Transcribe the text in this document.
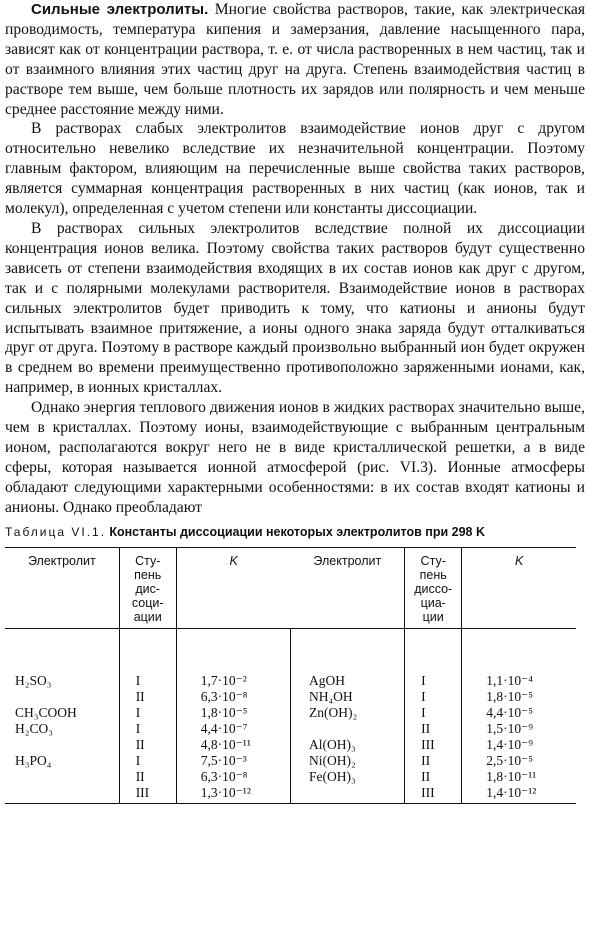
Сильные электролиты. Многие свойства растворов, такие, как электрическая проводимость, температура кипения и замерзания, давление насыщенного пара, зависят как от концентрации раствора, т. е. от числа растворенных в нем частиц, так и от взаимного влияния этих частиц друг на друга. Степень взаимодействия частиц в растворе тем выше, чем больше плотность их зарядов или полярность и чем меньше среднее расстояние между ними.

В растворах слабых электролитов взаимодействие ионов друг с другом относительно невелико вследствие их незначительной концентрации. Поэтому главным фактором, влияющим на перечисленные выше свойства таких растворов, является суммарная концентрация растворенных в них частиц (как ионов, так и молекул), определенная с учетом степени или константы диссоциации.

В растворах сильных электролитов вследствие полной их диссоциации концентрация ионов велика. Поэтому свойства таких растворов будут существенно зависеть от степени взаимодействия входящих в их состав ионов как друг с другом, так и с полярными молекулами растворителя. Взаимодействие ионов в растворах сильных электролитов будет приводить к тому, что катионы и анионы будут испытывать взаимное притяжение, а ионы одного знака заряда будут отталкиваться друг от друга. Поэтому в растворе каждый произвольно выбранный ион будет окружен в среднем во времени преимущественно противоположно заряженными ионами, как, например, в ионных кристаллах.

Однако энергия теплового движения ионов в жидких растворах значительно выше, чем в кристаллах. Поэтому ионы, взаимодействующие с выбранным центральным ионом, располагаются вокруг него не в виде кристаллической решетки, а в виде сферы, которая называется ионной атмосферой (рис. VI.3). Ионные атмосферы обладают следующими характерными особенностями: в их состав входят катионы и анионы. Однако преобладают

Таблица VI.1. Константы диссоциации некоторых электролитов при 298 K
Электролит	Сту-
пень
дис-
соци-
ации	K	Электролит	Сту-
пень
диссо-
циа-
ции	K
H₂SO₃	I	1,7·10⁻²	AgOH	I	1,1·10⁻⁴
	II	6,3·10⁻⁸	NH₄OH	I	1,8·10⁻⁵
CH₃COOH	I	1,8·10⁻⁵	Zn(OH)₂	I	4,4·10⁻⁵
H₂CO₃	I	4,4·10⁻⁷		II	1,5·10⁻⁹
	II	4,8·10⁻¹¹	Al(OH)₃	III	1,4·10⁻⁹
H₃PO₄	I	7,5·10⁻³	Ni(OH)₂	II	2,5·10⁻⁵
	II	6,3·10⁻⁸	Fe(OH)₃	II	1,8·10⁻¹¹
	III	1,3·10⁻¹²		III	1,4·10⁻¹²
